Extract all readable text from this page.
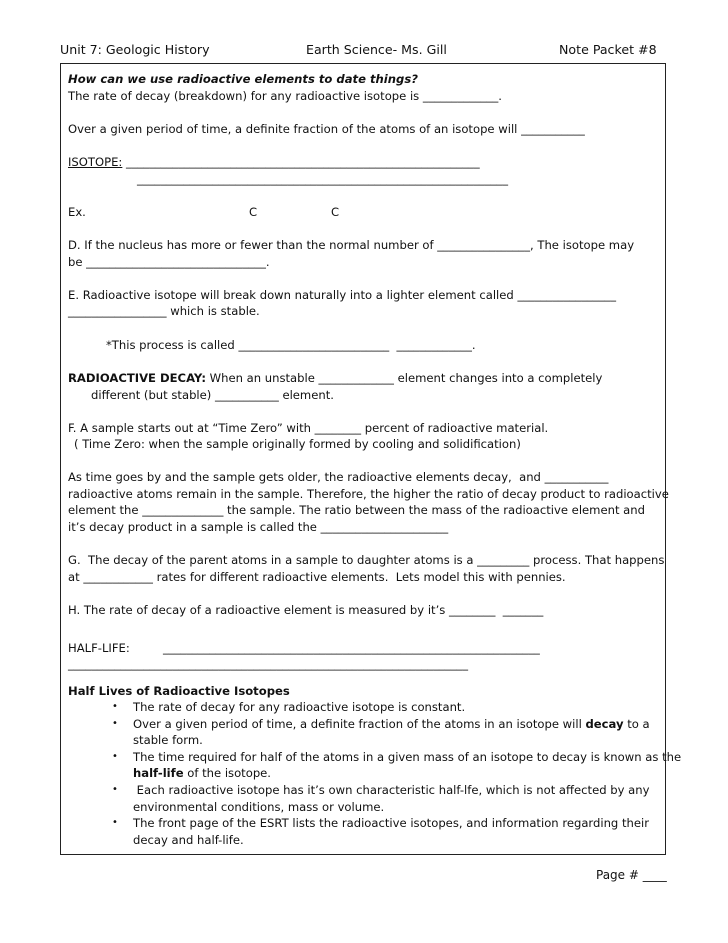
Unit 7: Geologic History	Earth Science- Ms. Gill	Note Packet #8
How can we use radioactive elements to date things?
The rate of decay (breakdown) for any radioactive isotope is _____________.
Over a given period of time, a definite fraction of the atoms of an isotope will ___________
ISOTOPE: _____________________________________________________________
________________________________________________________________
Ex.	C	C
D. If the nucleus has more or fewer than the normal number of ________________, The isotope may
be _______________________________.
E. Radioactive isotope will break down naturally into a lighter element called _________________
_________________ which is stable.
*This process is called __________________________  _____________.
RADIOACTIVE DECAY: When an unstable _____________ element changes into a completely
different (but stable) ___________ element.
F. A sample starts out at “Time Zero” with ________ percent of radioactive material.
( Time Zero: when the sample originally formed by cooling and solidification)
As time goes by and the sample gets older, the radioactive elements decay,  and ___________
radioactive atoms remain in the sample. Therefore, the higher the ratio of decay product to radioactive
element the ______________ the sample. The ratio between the mass of the radioactive element and
it’s decay product in a sample is called the ______________________
G.  The decay of the parent atoms in a sample to daughter atoms is a _________ process. That happens
at ____________ rates for different radioactive elements.  Lets model this with pennies.
H. The rate of decay of a radioactive element is measured by it’s ________  _______
HALF-LIFE:	_________________________________________________________________
_____________________________________________________________________
Half Lives of Radioactive Isotopes
• The rate of decay for any radioactive isotope is constant.
• Over a given period of time, a definite fraction of the atoms in an isotope will decay to a
stable form.
• The time required for half of the atoms in a given mass of an isotope to decay is known as the
half-life of the isotope.
• Each radioactive isotope has it’s own characteristic half-lfe, which is not affected by any
environmental conditions, mass or volume.
• The front page of the ESRT lists the radioactive isotopes, and information regarding their
decay and half-life.
Page # ____
